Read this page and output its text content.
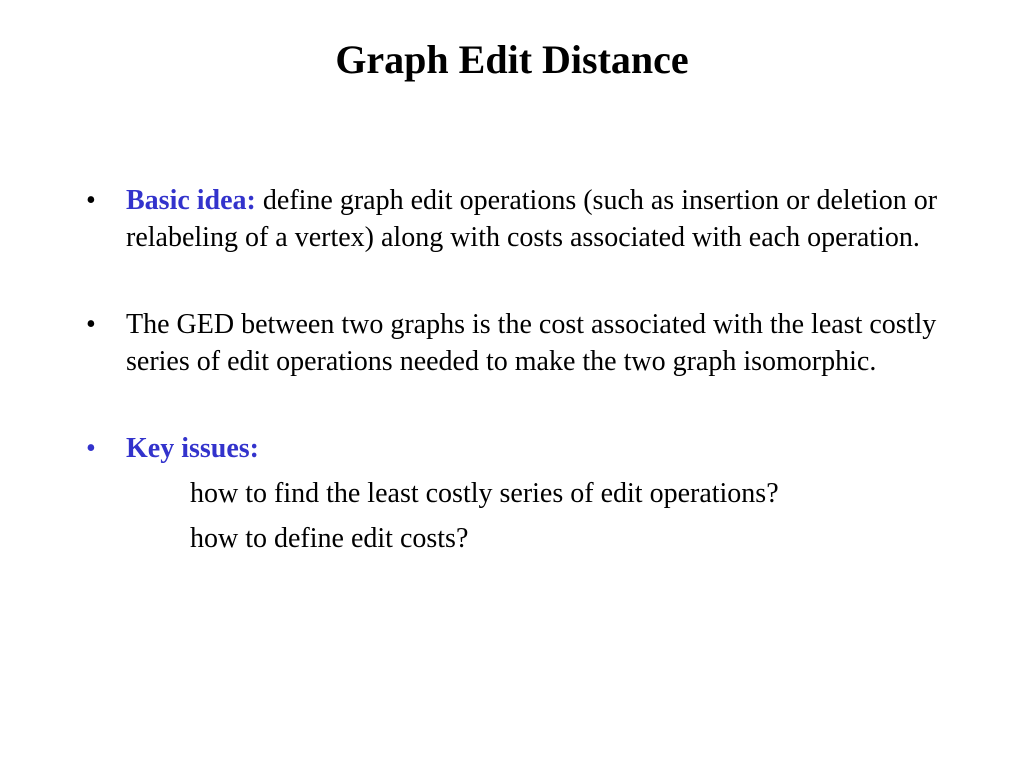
Graph Edit Distance
•	Basic idea: define graph edit operations (such as insertion or deletion or relabeling of a vertex) along with costs associated with each operation.
•	The GED between two graphs is the cost associated with the least costly series of edit operations needed to make the two graph isomorphic.
•	Key issues:
how to find the least costly series of edit operations?
how to define edit costs?
